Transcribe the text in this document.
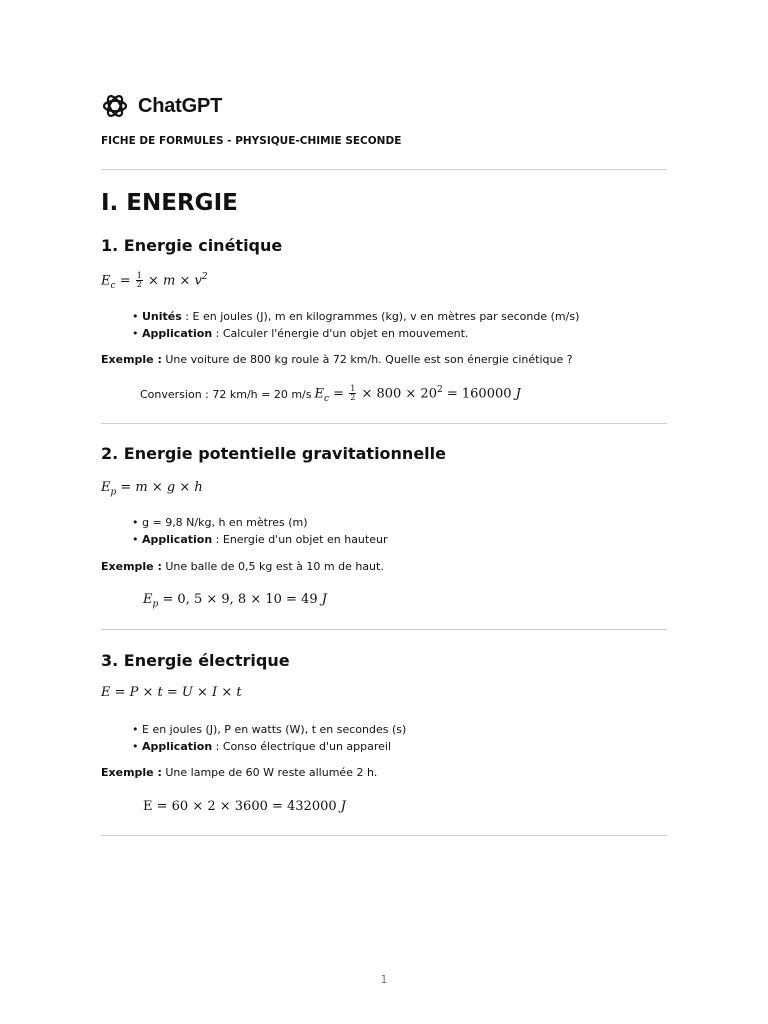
ChatGPT
FICHE DE FORMULES - PHYSIQUE-CHIMIE SECONDE
I. ENERGIE
1. Energie cinétique
$E_c = \frac{1}{2} \times m \times v^2$
• Unités : E en joules (J), m en kilogrammes (kg), v en mètres par seconde (m/s)
• Application : Calculer l'énergie d'un objet en mouvement.
Exemple : Une voiture de 800 kg roule à 72 km/h. Quelle est son énergie cinétique ?
Conversion : 72 km/h = 20 m/s $E_c = \frac{1}{2} \times 800 \times 20^2 = 160000$ J
2. Energie potentielle gravitationnelle
$E_p = m \times g \times h$
• g = 9,8 N/kg, h en mètres (m)
• Application : Energie d'un objet en hauteur
Exemple : Une balle de 0,5 kg est à 10 m de haut.
$E_p = 0$, 5 × 9, 8 × 10 = 49 J
3. Energie électrique
E = P × t = U × I × t
• E en joules (J), P en watts (W), t en secondes (s)
• Application : Conso électrique d'un appareil
Exemple : Une lampe de 60 W reste allumée 2 h.
E = 60 × 2 × 3600 = 432000 J
1
